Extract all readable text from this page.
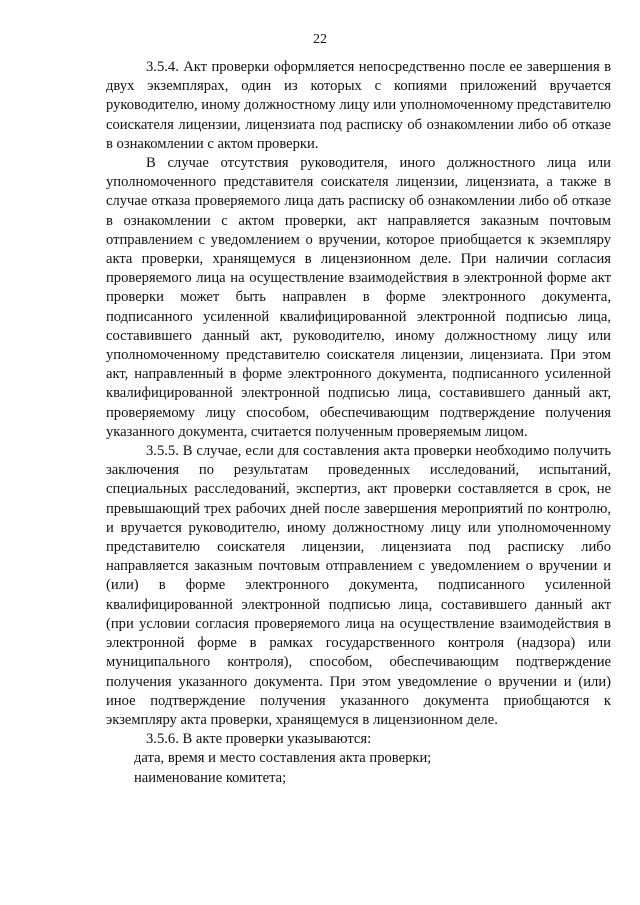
22

3.5.4. Акт проверки оформляется непосредственно после ее завершения в двух экземплярах, один из которых с копиями приложений вручается руководителю, иному должностному лицу или уполномоченному представителю соискателя лицензии, лицензиата под расписку об ознакомлении либо об отказе в ознакомлении с актом проверки.

В случае отсутствия руководителя, иного должностного лица или уполномоченного представителя соискателя лицензии, лицензиата, а также в случае отказа проверяемого лица дать расписку об ознакомлении либо об отказе в ознакомлении с актом проверки, акт направляется заказным почтовым отправлением с уведомлением о вручении, которое приобщается к экземпляру акта проверки, хранящемуся в лицензионном деле. При наличии согласия проверяемого лица на осуществление взаимодействия в электронной форме акт проверки может быть направлен в форме электронного документа, подписанного усиленной квалифицированной электронной подписью лица, составившего данный акт, руководителю, иному должностному лицу или уполномоченному представителю соискателя лицензии, лицензиата. При этом акт, направленный в форме электронного документа, подписанного усиленной квалифицированной электронной подписью лица, составившего данный акт, проверяемому лицу способом, обеспечивающим подтверждение получения указанного документа, считается полученным проверяемым лицом.

3.5.5. В случае, если для составления акта проверки необходимо получить заключения по результатам проведенных исследований, испытаний, специальных расследований, экспертиз, акт проверки составляется в срок, не превышающий трех рабочих дней после завершения мероприятий по контролю, и вручается руководителю, иному должностному лицу или уполномоченному представителю соискателя лицензии, лицензиата под расписку либо направляется заказным почтовым отправлением с уведомлением о вручении и (или) в форме электронного документа, подписанного усиленной квалифицированной электронной подписью лица, составившего данный акт (при условии согласия проверяемого лица на осуществление взаимодействия в электронной форме в рамках государственного контроля (надзора) или муниципального контроля), способом, обеспечивающим подтверждение получения указанного документа. При этом уведомление о вручении и (или) иное подтверждение получения указанного документа приобщаются к экземпляру акта проверки, хранящемуся в лицензионном деле.

3.5.6. В акте проверки указываются:

дата, время и место составления акта проверки;

наименование комитета;
